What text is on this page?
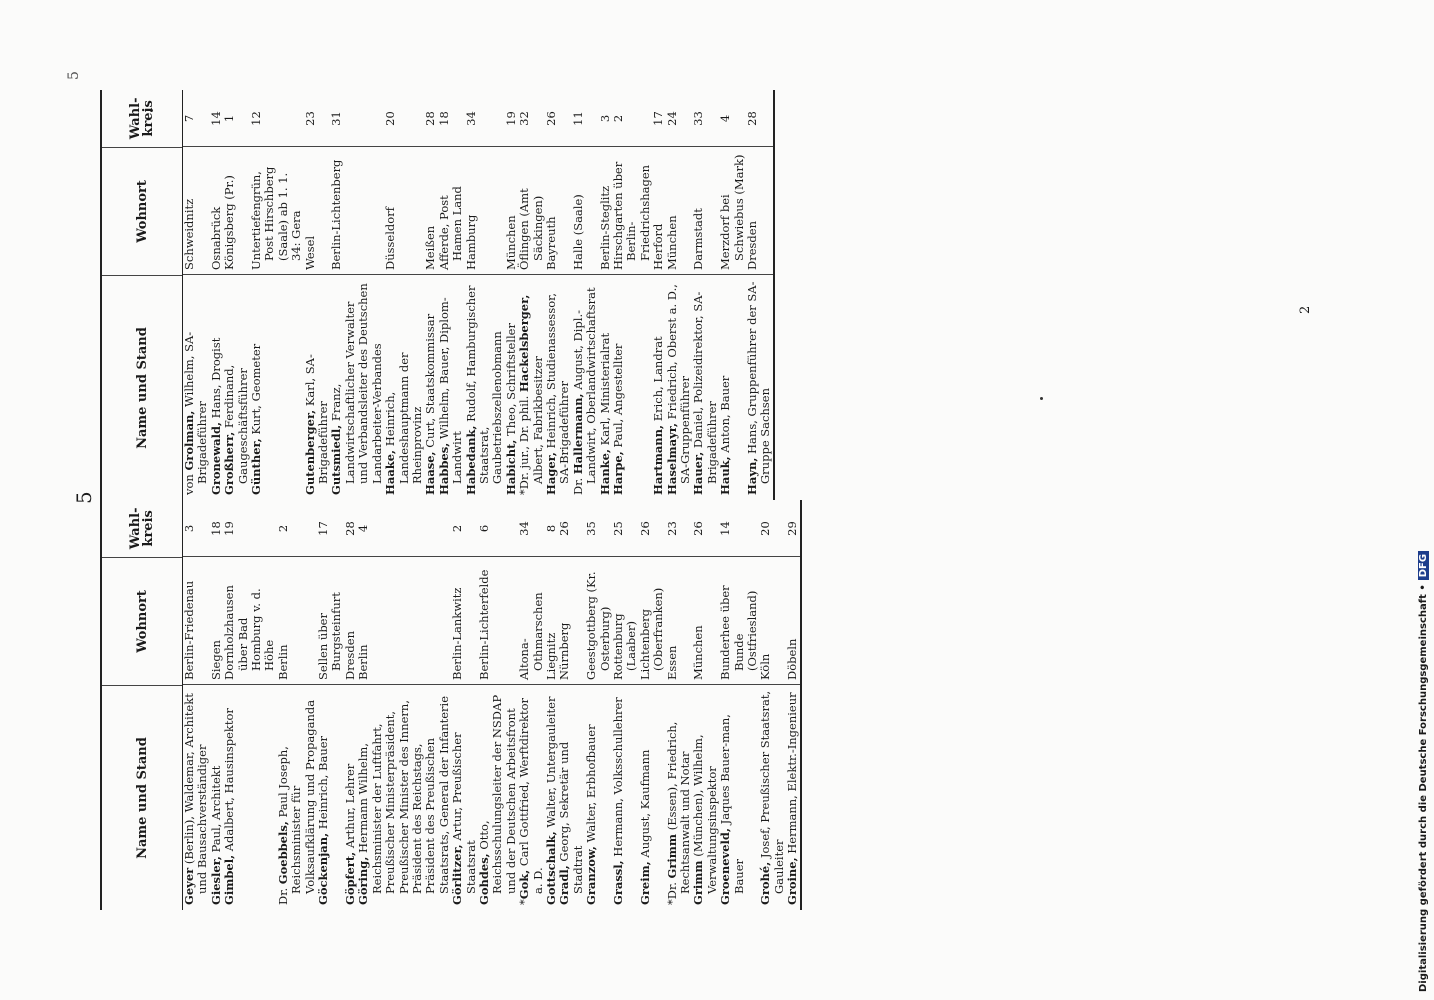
5
2
5
Name und Stand
Wohnort
Wahl-
kreis
Geyer (Berlin), Waldemar, Architekt und Bausachverständiger
Berlin-Friedenau
3
Giesler, Paul, Architekt
Siegen
18
Gimbel, Adalbert, Hausinspektor
Dornholzhausen über Bad Homburg v. d. Höhe
19
Dr. Goebbels, Paul Joseph, Reichsminister für Volksaufklärung und Propaganda
Berlin
2
Göckenjan, Heinrich, Bauer
Sellen über Burgsteinfurt
17
Göpfert, Arthur, Lehrer
Dresden
28
Göring, Hermann Wilhelm, Reichsminister der Luftfahrt, Preußischer Ministerpräsident, Preußischer Minister des Innern, Präsident des Reichstags, Präsident des Preußischen Staatsrats, General der Infanterie
Berlin
4
Görlitzer, Artur, Preußischer Staatsrat
Berlin-Lankwitz
2
Gohdes, Otto, Reichsschulungsleiter der NSDAP und der Deutschen Arbeitsfront
Berlin-Lichterfelde
6
*Gok, Carl Gottfried, Werftdirektor a. D.
Altona-Othmarschen
34
Gottschalk, Walter, Untergauleiter
Liegnitz
8
Gradl, Georg, Sekretär und Stadtrat
Nürnberg
26
Granzow, Walter, Erbhofbauer
Geestgottberg (Kr. Osterburg)
35
Grassl, Hermann, Volksschullehrer
Rottenburg (Laaber)
25
Greim, August, Kaufmann
Lichtenberg (Oberfranken)
26
*Dr. Grimm (Essen), Friedrich, Rechtsanwalt und Notar
Essen
23
Grimm (München), Wilhelm, Verwaltungsinspektor
München
26
Groeneveld, Jaques Bauer-man, Bauer
Bunderhee über Bunde (Ostfriesland)
14
Grohé, Josef, Preußischer Staatsrat, Gauleiter
Köln
20
Groine, Hermann, Elektr.-Ingenieur
Döbeln
29
Name und Stand
Wohnort
Wahl-
kreis
von Grolman, Wilhelm, SA-Brigadeführer
Schweidnitz
7
Gronewald, Hans, Drogist
Osnabrück
14
Großherr, Ferdinand, Gaugeschäftsführer
Königsberg (Pr.)
1
Günther, Kurt, Geometer
Untertiefengrün, Post Hirschberg (Saale) ab 1. 1. 34: Gera
12
Gutenberger, Karl, SA-Brigadeführer
Wesel
23
Gutsmiedl, Franz, Landwirtschaftlicher Verwalter und Verbandsleiter des Deutschen Landarbeiter-Verbandes
Berlin-Lichtenberg
31
Haake, Heinrich, Landeshauptmann der Rheinprovinz
Düsseldorf
20
Haase, Curt, Staatskommissar
Meißen
28
Habbes, Wilhelm, Bauer, Diplom-Landwirt
Afferde, Post Hamen Land
18
Habedank, Rudolf, Hamburgischer Staatsrat, Gaubetriebszellenobmann
Hamburg
34
Habicht, Theo, Schriftsteller
München
19
*Dr. jur., Dr. phil. Hackelsberger, Albert, Fabrikbesitzer
Öflingen (Amt Säckingen)
32
Hager, Heinrich, Studienassessor, SA-Brigadeführer
Bayreuth
26
Dr. Hallermann, August, Dipl.-Landwirt, Oberlandwirtschaftsrat
Halle (Saale)
11
Hanke, Karl, Ministerialrat
Berlin-Steglitz
3
Harpe, Paul, Angestellter
Hirschgarten über Berlin-Friedrichshagen
2
Hartmann, Erich, Landrat
Herford
17
Haselmayr, Friedrich, Oberst a. D., SA-Gruppenführer
München
24
Hauer, Daniel, Polizeidirektor, SA-Brigadeführer
Darmstadt
33
Hauk, Anton, Bauer
Merzdorf bei Schwiebus (Mark)
4
Hayn, Hans, Gruppenführer der SA-Gruppe Sachsen
Dresden
28
Digitalisierung gefördert durch die Deutsche Forschungsgemeinschaft •DFG
